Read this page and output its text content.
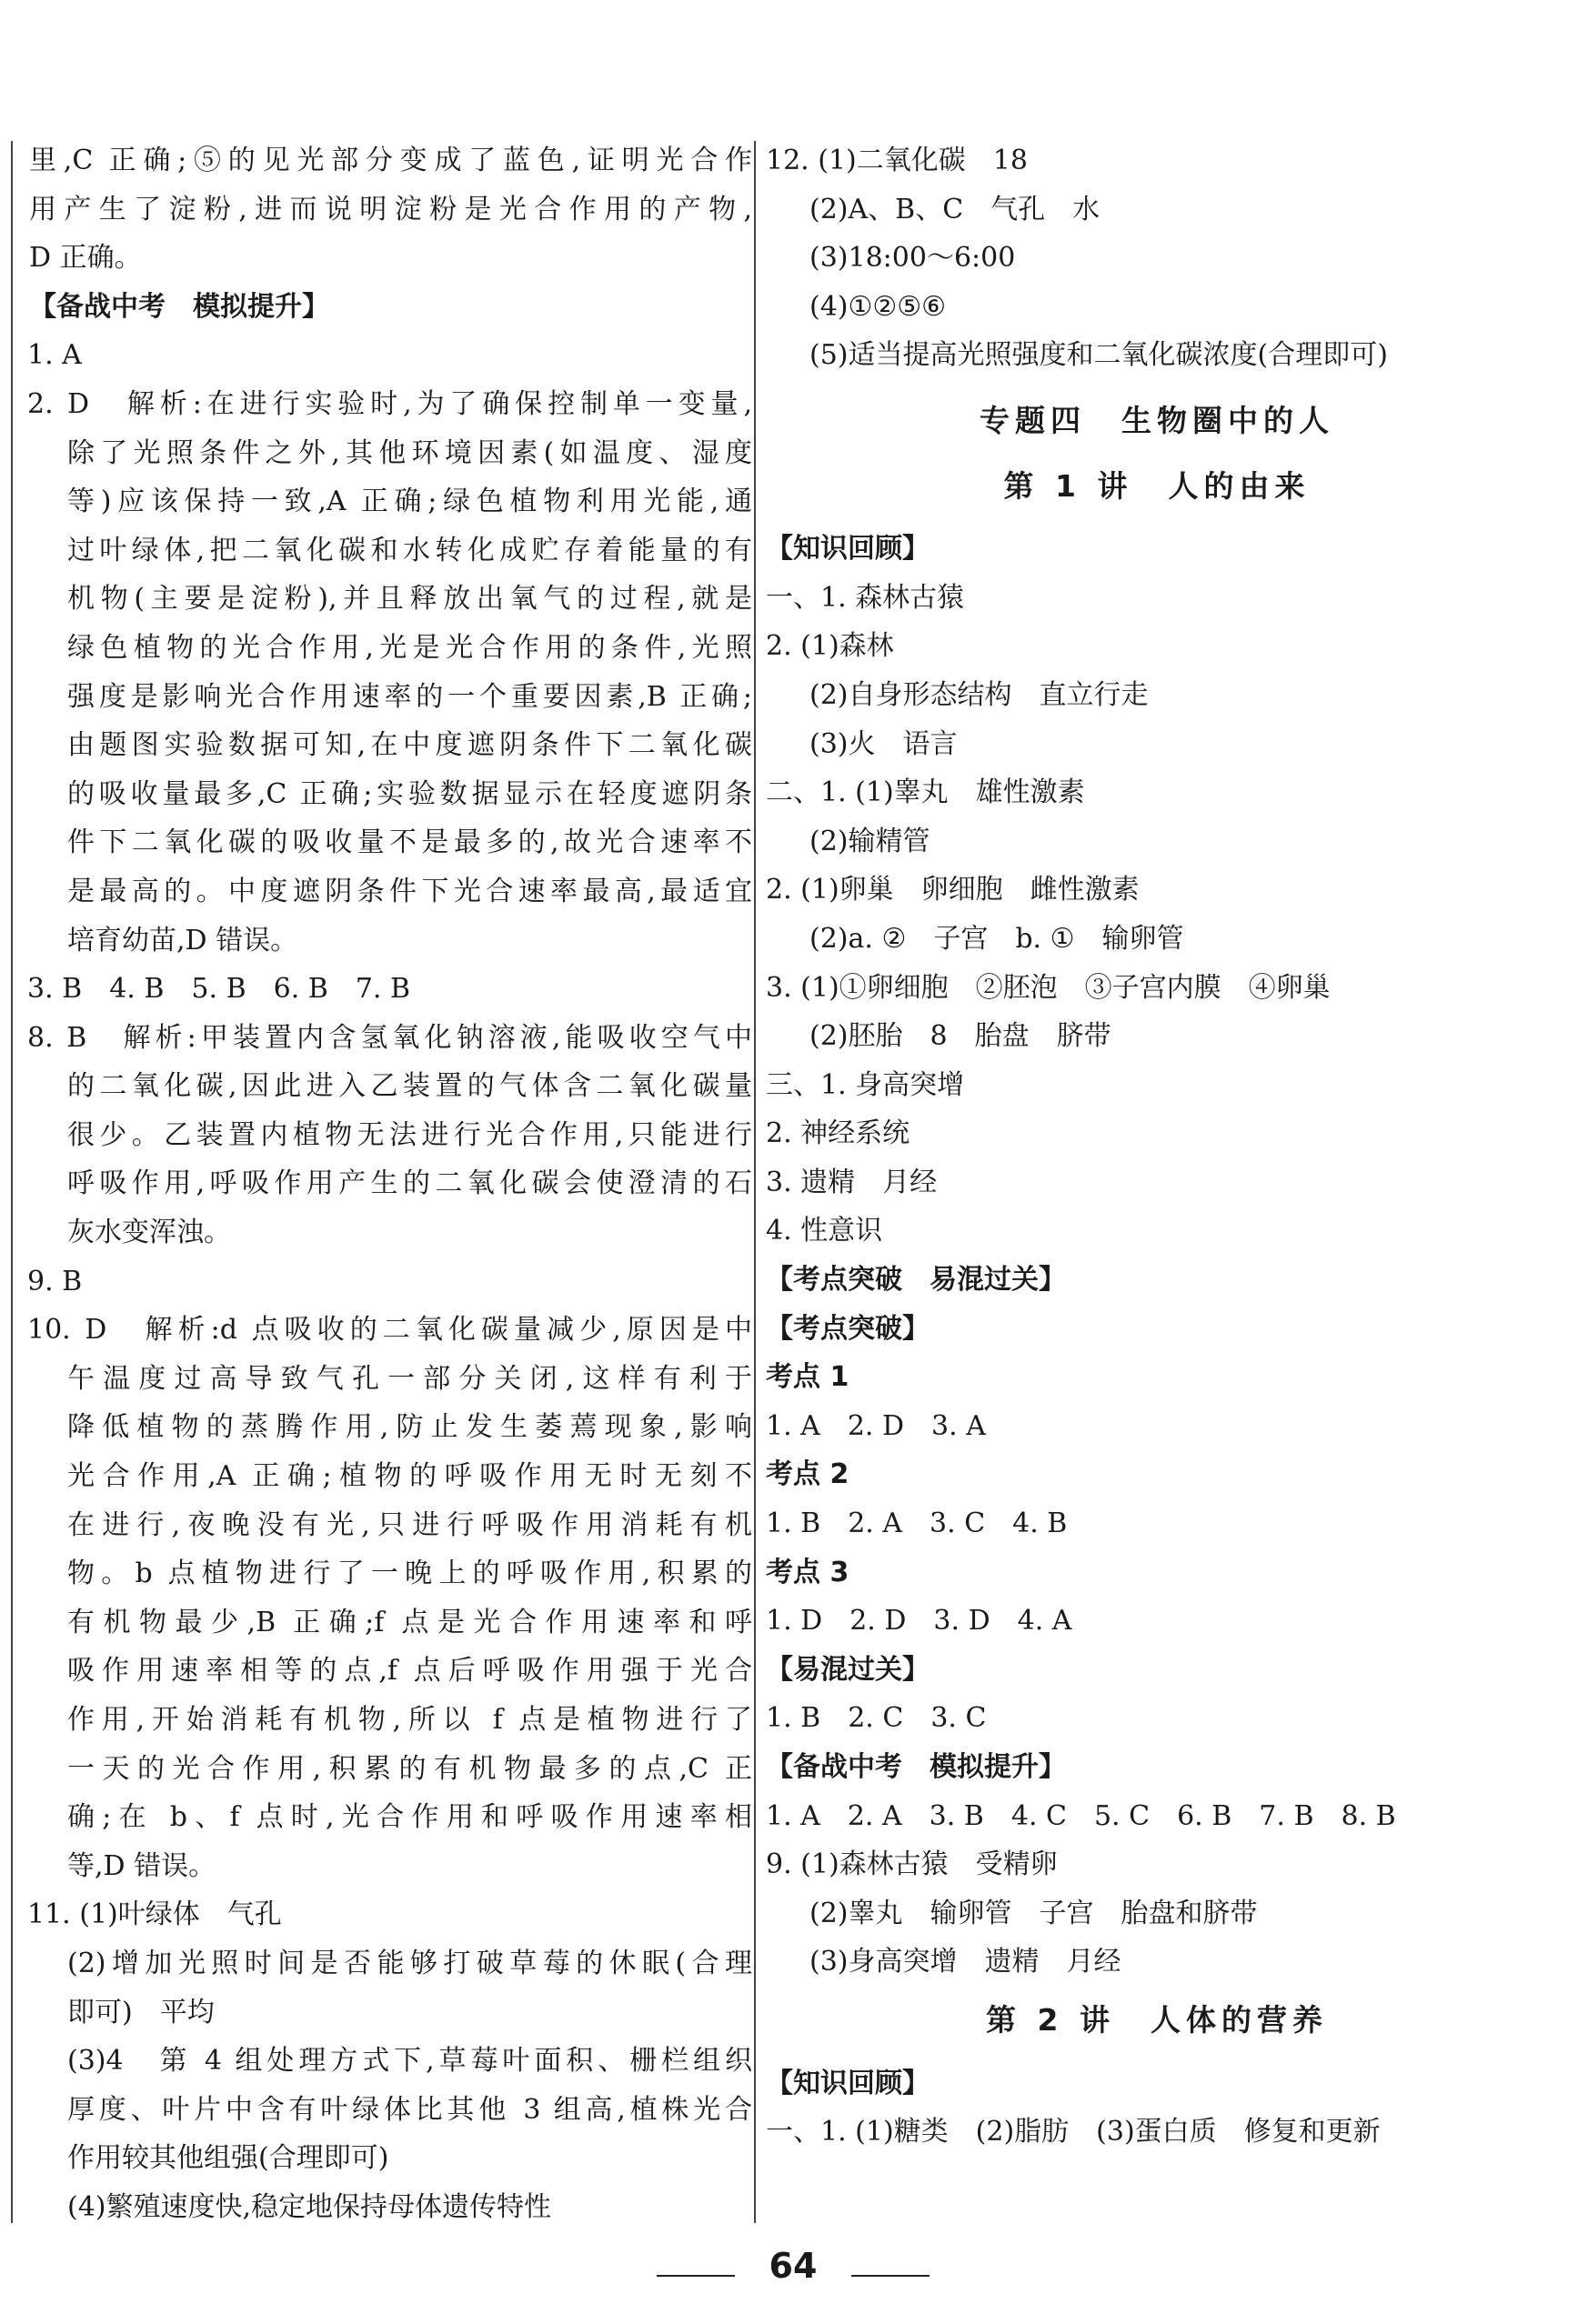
里,C 正确;⑤的见光部分变成了蓝色,证明光合作
用产生了淀粉,进而说明淀粉是光合作用的产物,
D 正确。
【备战中考　模拟提升】
1. A
2. D　解析:在进行实验时,为了确保控制单一变量,
除了光照条件之外,其他环境因素(如温度、湿度
等)应该保持一致,A 正确;绿色植物利用光能,通
过叶绿体,把二氧化碳和水转化成贮存着能量的有
机物(主要是淀粉),并且释放出氧气的过程,就是
绿色植物的光合作用,光是光合作用的条件,光照
强度是影响光合作用速率的一个重要因素,B 正确;
由题图实验数据可知,在中度遮阴条件下二氧化碳
的吸收量最多,C 正确;实验数据显示在轻度遮阴条
件下二氧化碳的吸收量不是最多的,故光合速率不
是最高的。中度遮阴条件下光合速率最高,最适宜
培育幼苗,D 错误。
3. B　4. B　5. B　6. B　7. B
8. B　解析:甲装置内含氢氧化钠溶液,能吸收空气中
的二氧化碳,因此进入乙装置的气体含二氧化碳量
很少。乙装置内植物无法进行光合作用,只能进行
呼吸作用,呼吸作用产生的二氧化碳会使澄清的石
灰水变浑浊。
9. B
10. D　解析:d 点吸收的二氧化碳量减少,原因是中
午温度过高导致气孔一部分关闭,这样有利于
降低植物的蒸腾作用,防止发生萎蔫现象,影响
光合作用,A 正确;植物的呼吸作用无时无刻不
在进行,夜晚没有光,只进行呼吸作用消耗有机
物。b 点植物进行了一晚上的呼吸作用,积累的
有机物最少,B 正确;f 点是光合作用速率和呼
吸作用速率相等的点,f 点后呼吸作用强于光合
作用,开始消耗有机物,所以 f 点是植物进行了
一天的光合作用,积累的有机物最多的点,C 正
确;在 b、f 点时,光合作用和呼吸作用速率相
等,D 错误。
11. (1)叶绿体　气孔
(2)增加光照时间是否能够打破草莓的休眠(合理
即可)　平均
(3)4　第 4 组处理方式下,草莓叶面积、栅栏组织
厚度、叶片中含有叶绿体比其他 3 组高,植株光合
作用较其他组强(合理即可)
(4)繁殖速度快,稳定地保持母体遗传特性
12. (1)二氧化碳　18
(2)A、B、C　气孔　水
(3)18:00～6:00
(4)①②⑤⑥
(5)适当提高光照强度和二氧化碳浓度(合理即可)
专题四　生物圈中的人
第 1 讲　人的由来
【知识回顾】
一、1. 森林古猿
2. (1)森林
(2)自身形态结构　直立行走
(3)火　语言
二、1. (1)睾丸　雄性激素
(2)输精管
2. (1)卵巢　卵细胞　雌性激素
(2)a. ②　子宫　b. ①　输卵管
3. (1)①卵细胞　②胚泡　③子宫内膜　④卵巢
(2)胚胎　8　胎盘　脐带
三、1. 身高突增
2. 神经系统
3. 遗精　月经
4. 性意识
【考点突破　易混过关】
【考点突破】
考点 1
1. A　2. D　3. A
考点 2
1. B　2. A　3. C　4. B
考点 3
1. D　2. D　3. D　4. A
【易混过关】
1. B　2. C　3. C
【备战中考　模拟提升】
1. A　2. A　3. B　4. C　5. C　6. B　7. B　8. B
9. (1)森林古猿　受精卵
(2)睾丸　输卵管　子宫　胎盘和脐带
(3)身高突增　遗精　月经
第 2 讲　人体的营养
【知识回顾】
一、1. (1)糖类　(2)脂肪　(3)蛋白质　修复和更新
64
